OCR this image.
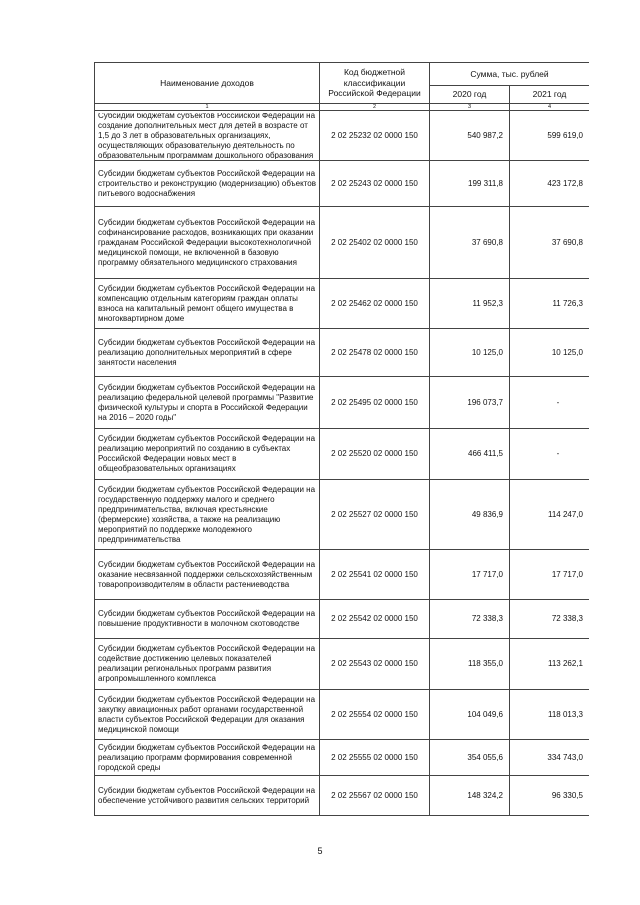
Наименование доходов	Код бюджетной классификации Российской Федерации	Сумма, тыс. рублей	
		2020 год	2021 год
1	2	3	4

Субсидии бюджетам субъектов Российской Федерации на создание дополнительных мест для детей в возрасте от 1,5 до 3 лет в образовательных организациях, осуществляющих образовательную деятельность по образовательным программам дошкольного образования	2 02 25232 02 0000 150	540 987,2	599 619,0
Субсидии бюджетам субъектов Российской Федерации на строительство и реконструкцию (модернизацию) объектов питьевого водоснабжения	2 02 25243 02 0000 150	199 311,8	423 172,8
Субсидии бюджетам субъектов Российской Федерации на софинансирование расходов, возникающих при оказании гражданам Российской Федерации высокотехнологичной медицинской помощи, не включенной в базовую программу обязательного медицинского страхования	2 02 25402 02 0000 150	37 690,8	37 690,8
Субсидии бюджетам субъектов Российской Федерации на компенсацию отдельным категориям граждан оплаты взноса на капитальный ремонт общего имущества в многоквартирном доме	2 02 25462 02 0000 150	11 952,3	11 726,3
Субсидии бюджетам субъектов Российской Федерации на реализацию дополнительных мероприятий в сфере занятости населения	2 02 25478 02 0000 150	10 125,0	10 125,0
Субсидии бюджетам субъектов Российской Федерации на реализацию федеральной целевой программы "Развитие физической культуры и спорта в Российской Федерации на 2016 – 2020 годы"	2 02 25495 02 0000 150	196 073,7	-
Субсидии бюджетам субъектов Российской Федерации на реализацию мероприятий по созданию в субъектах Российской Федерации новых мест в общеобразовательных организациях	2 02 25520 02 0000 150	466 411,5	-
Субсидии бюджетам субъектов Российской Федерации на государственную поддержку малого и среднего предпринимательства, включая крестьянские (фермерские) хозяйства, а также на реализацию мероприятий по поддержке молодежного предпринимательства	2 02 25527 02 0000 150	49 836,9	114 247,0
Субсидии бюджетам субъектов Российской Федерации на оказание несвязанной поддержки сельскохозяйственным товаропроизводителям в области растениеводства	2 02 25541 02 0000 150	17 717,0	17 717,0
Субсидии бюджетам субъектов Российской Федерации на повышение продуктивности в молочном скотоводстве	2 02 25542 02 0000 150	72 338,3	72 338,3
Субсидии бюджетам субъектов Российской Федерации на содействие достижению целевых показателей реализации региональных программ развития агропромышленного комплекса	2 02 25543 02 0000 150	118 355,0	113 262,1
Субсидии бюджетам субъектов Российской Федерации на закупку авиационных работ органами государственной власти субъектов Российской Федерации для оказания медицинской помощи	2 02 25554 02 0000 150	104 049,6	118 013,3
Субсидии бюджетам субъектов Российской Федерации на реализацию программ формирования современной городской среды	2 02 25555 02 0000 150	354 055,6	334 743,0
Субсидии бюджетам субъектов Российской Федерации на обеспечение устойчивого развития сельских территорий	2 02 25567 02 0000 150	148 324,2	96 330,5
5
